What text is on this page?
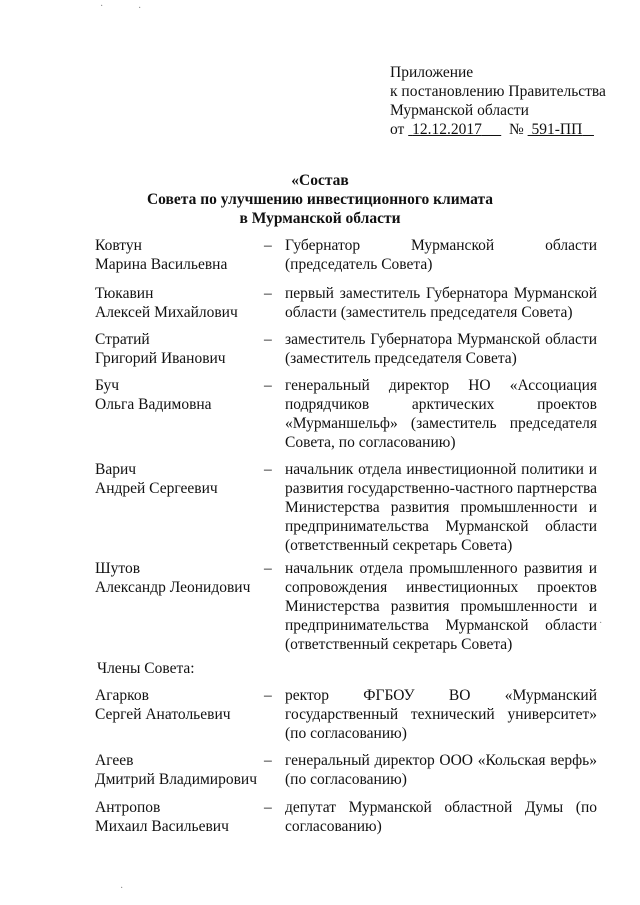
Приложение
к постановлению Правительства
Мурманской области
от 12.12.2017 № 591-ПП
«Состав
Совета по улучшению инвестиционного климата
в Мурманской области
Ковтун
Марина Васильевна
– Губернатор Мурманской области (председатель Совета)
Тюкавин
Алексей Михайлович
– первый заместитель Губернатора Мурманской области (заместитель председателя Совета)
Стратий
Григорий Иванович
– заместитель Губернатора Мурманской области (заместитель председателя Совета)
Буч
Ольга Вадимовна
– генеральный директор НО «Ассоциация подрядчиков арктических проектов «Мурманшельф» (заместитель председателя Совета, по согласованию)
Варич
Андрей Сергеевич
– начальник отдела инвестиционной политики и развития государственно-частного партнерства Министерства развития промышленности и предпринимательства Мурманской области (ответственный секретарь Совета)
Шутов
Александр Леонидович
– начальник отдела промышленного развития и сопровождения инвестиционных проектов Министерства развития промышленности и предпринимательства Мурманской области (ответственный секретарь Совета)
Члены Совета:
Агарков
Сергей Анатольевич
– ректор ФГБОУ ВО «Мурманский государственный технический университет» (по согласованию)
Агеев
Дмитрий Владимирович
– генеральный директор ООО «Кольская верфь» (по согласованию)
Антропов
Михаил Васильевич
– депутат Мурманской областной Думы (по согласованию)
·	·
·
·
